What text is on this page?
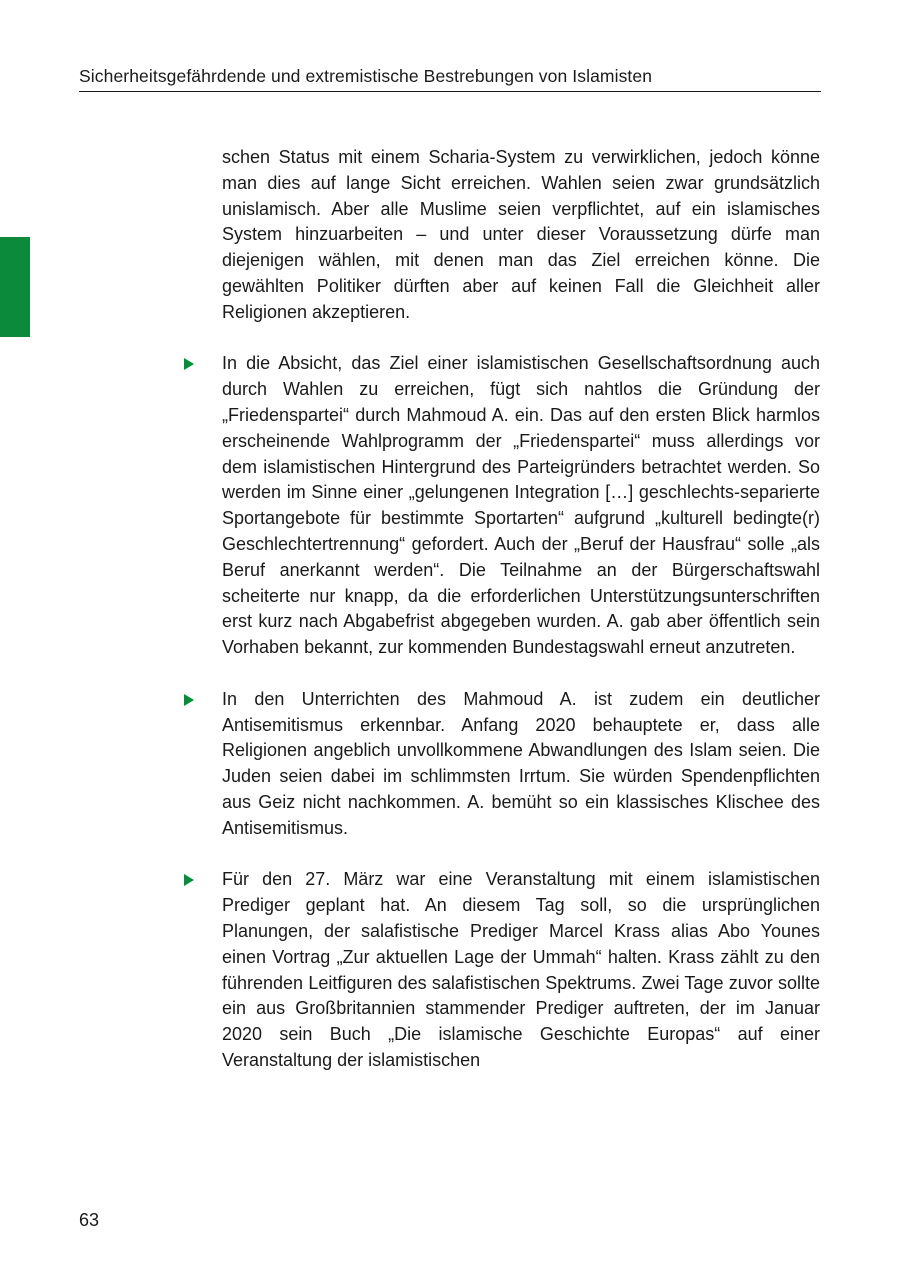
Sicherheitsgefährdende und extremistische Bestrebungen von Islamisten

schen Status mit einem Scharia-System zu verwirklichen, jedoch könne man dies auf lange Sicht erreichen. Wahlen seien zwar grundsätzlich unislamisch. Aber alle Muslime seien verpflichtet, auf ein islamisches System hinzuarbeiten – und unter dieser Voraussetzung dürfe man diejenigen wählen, mit denen man das Ziel erreichen könne. Die gewählten Politiker dürften aber auf keinen Fall die Gleichheit aller Religionen akzeptieren.

In die Absicht, das Ziel einer islamistischen Gesellschaftsordnung auch durch Wahlen zu erreichen, fügt sich nahtlos die Gründung der „Friedenspartei“ durch Mahmoud A. ein. Das auf den ersten Blick harmlos erscheinende Wahlprogramm der „Friedenspartei“ muss allerdings vor dem islamistischen Hintergrund des Parteigründers betrachtet werden. So werden im Sinne einer „gelungenen Integration […] geschlechts-separierte Sportangebote für bestimmte Sportarten“ aufgrund „kulturell bedingte(r) Geschlechtertrennung“ gefordert. Auch der „Beruf der Hausfrau“ solle „als Beruf anerkannt werden“. Die Teilnahme an der Bürgerschaftswahl scheiterte nur knapp, da die erforderlichen Unterstützungsunterschriften erst kurz nach Abgabefrist abgegeben wurden. A. gab aber öffentlich sein Vorhaben bekannt, zur kommenden Bundestagswahl erneut anzutreten.

In den Unterrichten des Mahmoud A. ist zudem ein deutlicher Antisemitismus erkennbar. Anfang 2020 behauptete er, dass alle Religionen angeblich unvollkommene Abwandlungen des Islam seien. Die Juden seien dabei im schlimmsten Irrtum. Sie würden Spendenpflichten aus Geiz nicht nachkommen. A. bemüht so ein klassisches Klischee des Antisemitismus.

Für den 27. März war eine Veranstaltung mit einem islamistischen Prediger geplant hat. An diesem Tag soll, so die ursprünglichen Planungen, der salafistische Prediger Marcel Krass alias Abo Younes einen Vortrag „Zur aktuellen Lage der Ummah“ halten. Krass zählt zu den führenden Leitfiguren des salafistischen Spektrums. Zwei Tage zuvor sollte ein aus Großbritannien stammender Prediger auftreten, der im Januar 2020 sein Buch „Die islamische Geschichte Europas“ auf einer Veranstaltung der islamistischen

63
